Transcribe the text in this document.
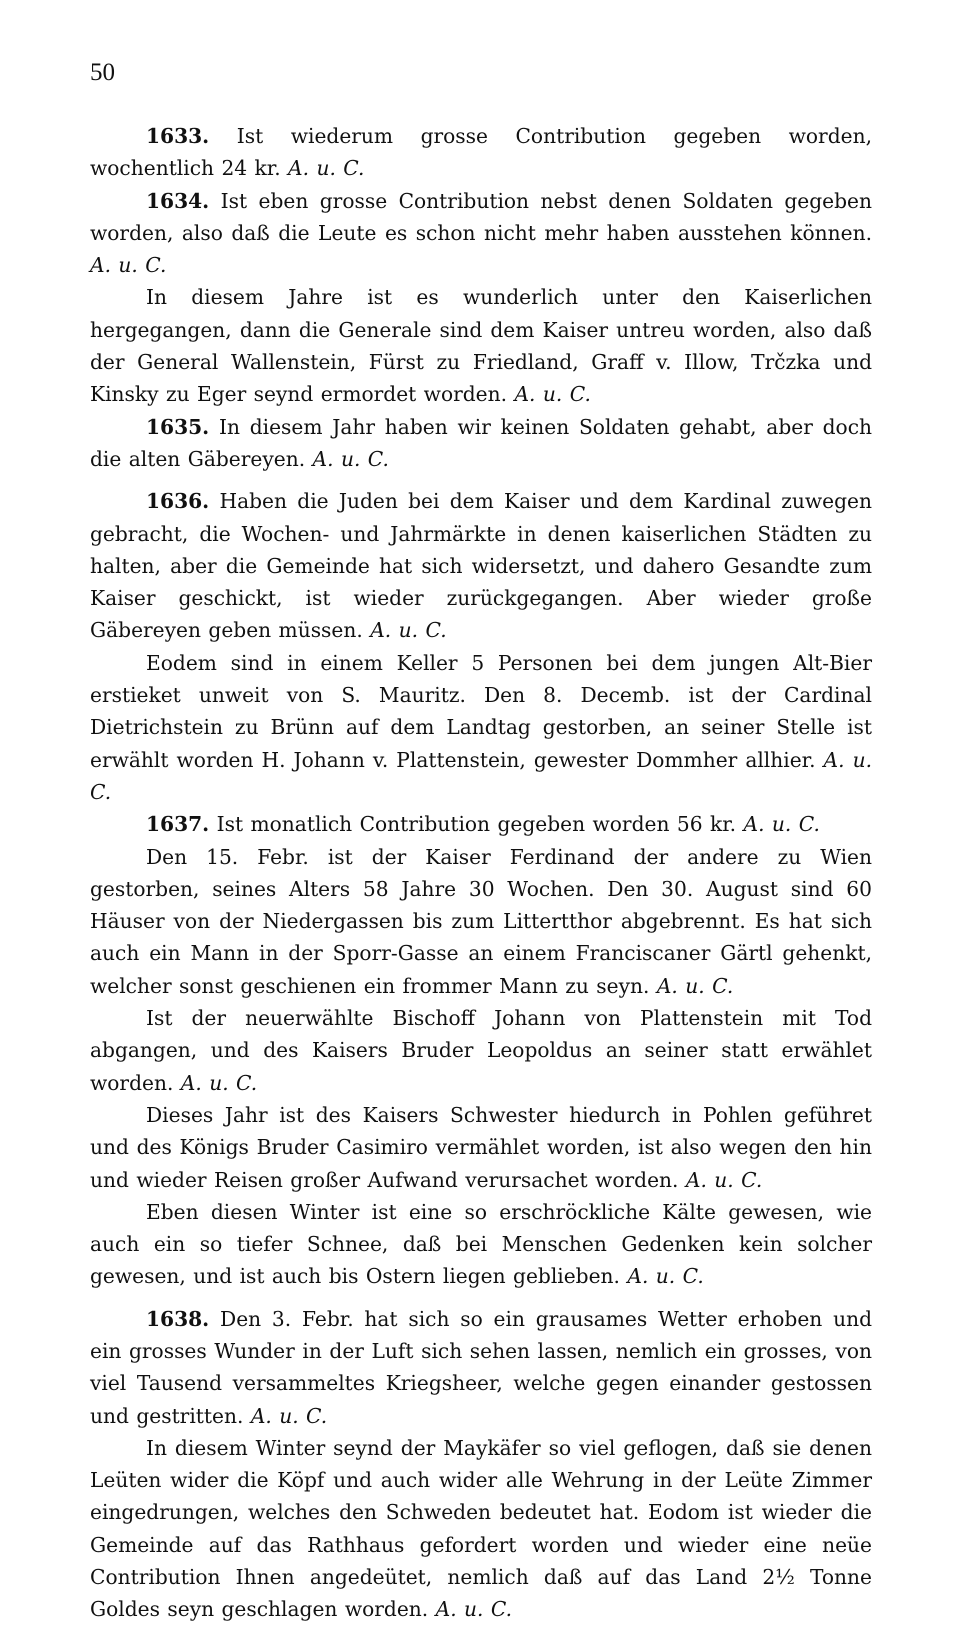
50

1633. Ist wiederum grosse Contribution gegeben worden, wochentlich 24 kr. A. u. C.

1634. Ist eben grosse Contribution nebst denen Soldaten gegeben worden, also daß die Leute es schon nicht mehr haben ausstehen können. A. u. C.

In diesem Jahre ist es wunderlich unter den Kaiserlichen hergegangen, dann die Generale sind dem Kaiser untreu worden, also daß der General Wallenstein, Fürst zu Friedland, Graff v. Illow, Trčzka und Kinsky zu Eger seynd ermordet worden. A. u. C.

1635. In diesem Jahr haben wir keinen Soldaten gehabt, aber doch die alten Gäbereyen. A. u. C.

1636. Haben die Juden bei dem Kaiser und dem Kardinal zuwegen gebracht, die Wochen- und Jahrmärkte in denen kaiserlichen Städten zu halten, aber die Gemeinde hat sich widersetzt, und dahero Gesandte zum Kaiser geschickt, ist wieder zurückgegangen. Aber wieder große Gäbereyen geben müssen. A. u. C.

Eodem sind in einem Keller 5 Personen bei dem jungen Alt-Bier erstieket unweit von S. Mauritz. Den 8. Decemb. ist der Cardinal Dietrichstein zu Brünn auf dem Landtag gestorben, an seiner Stelle ist erwählt worden H. Johann v. Plattenstein, gewester Dommher allhier. A. u. C.

1637. Ist monatlich Contribution gegeben worden 56 kr. A. u. C.

Den 15. Febr. ist der Kaiser Ferdinand der andere zu Wien gestorben, seines Alters 58 Jahre 30 Wochen. Den 30. August sind 60 Häuser von der Niedergassen bis zum Littertthor abgebrennt. Es hat sich auch ein Mann in der Sporr-Gasse an einem Franciscaner Gärtl gehenkt, welcher sonst geschienen ein frommer Mann zu seyn. A. u. C.

Ist der neuerwählte Bischoff Johann von Plattenstein mit Tod abgangen, und des Kaisers Bruder Leopoldus an seiner statt erwählet worden. A. u. C.

Dieses Jahr ist des Kaisers Schwester hiedurch in Pohlen geführet und des Königs Bruder Casimiro vermählet worden, ist also wegen den hin und wieder Reisen großer Aufwand verursachet worden. A. u. C.

Eben diesen Winter ist eine so erschröckliche Kälte gewesen, wie auch ein so tiefer Schnee, daß bei Menschen Gedenken kein solcher gewesen, und ist auch bis Ostern liegen geblieben. A. u. C.

1638. Den 3. Febr. hat sich so ein grausames Wetter erhoben und ein grosses Wunder in der Luft sich sehen lassen, nemlich ein grosses, von viel Tausend versammeltes Kriegsheer, welche gegen einander gestossen und gestritten. A. u. C.

In diesem Winter seynd der Maykäfer so viel geflogen, daß sie denen Leüten wider die Köpf und auch wider alle Wehrung in der Leüte Zimmer eingedrungen, welches den Schweden bedeutet hat. Eodom ist wieder die Gemeinde auf das Rathhaus gefordert worden und wieder eine neüe Contribution Ihnen angedeütet, nemlich daß auf das Land 2½ Tonne Goldes seyn geschlagen worden. A. u. C.
